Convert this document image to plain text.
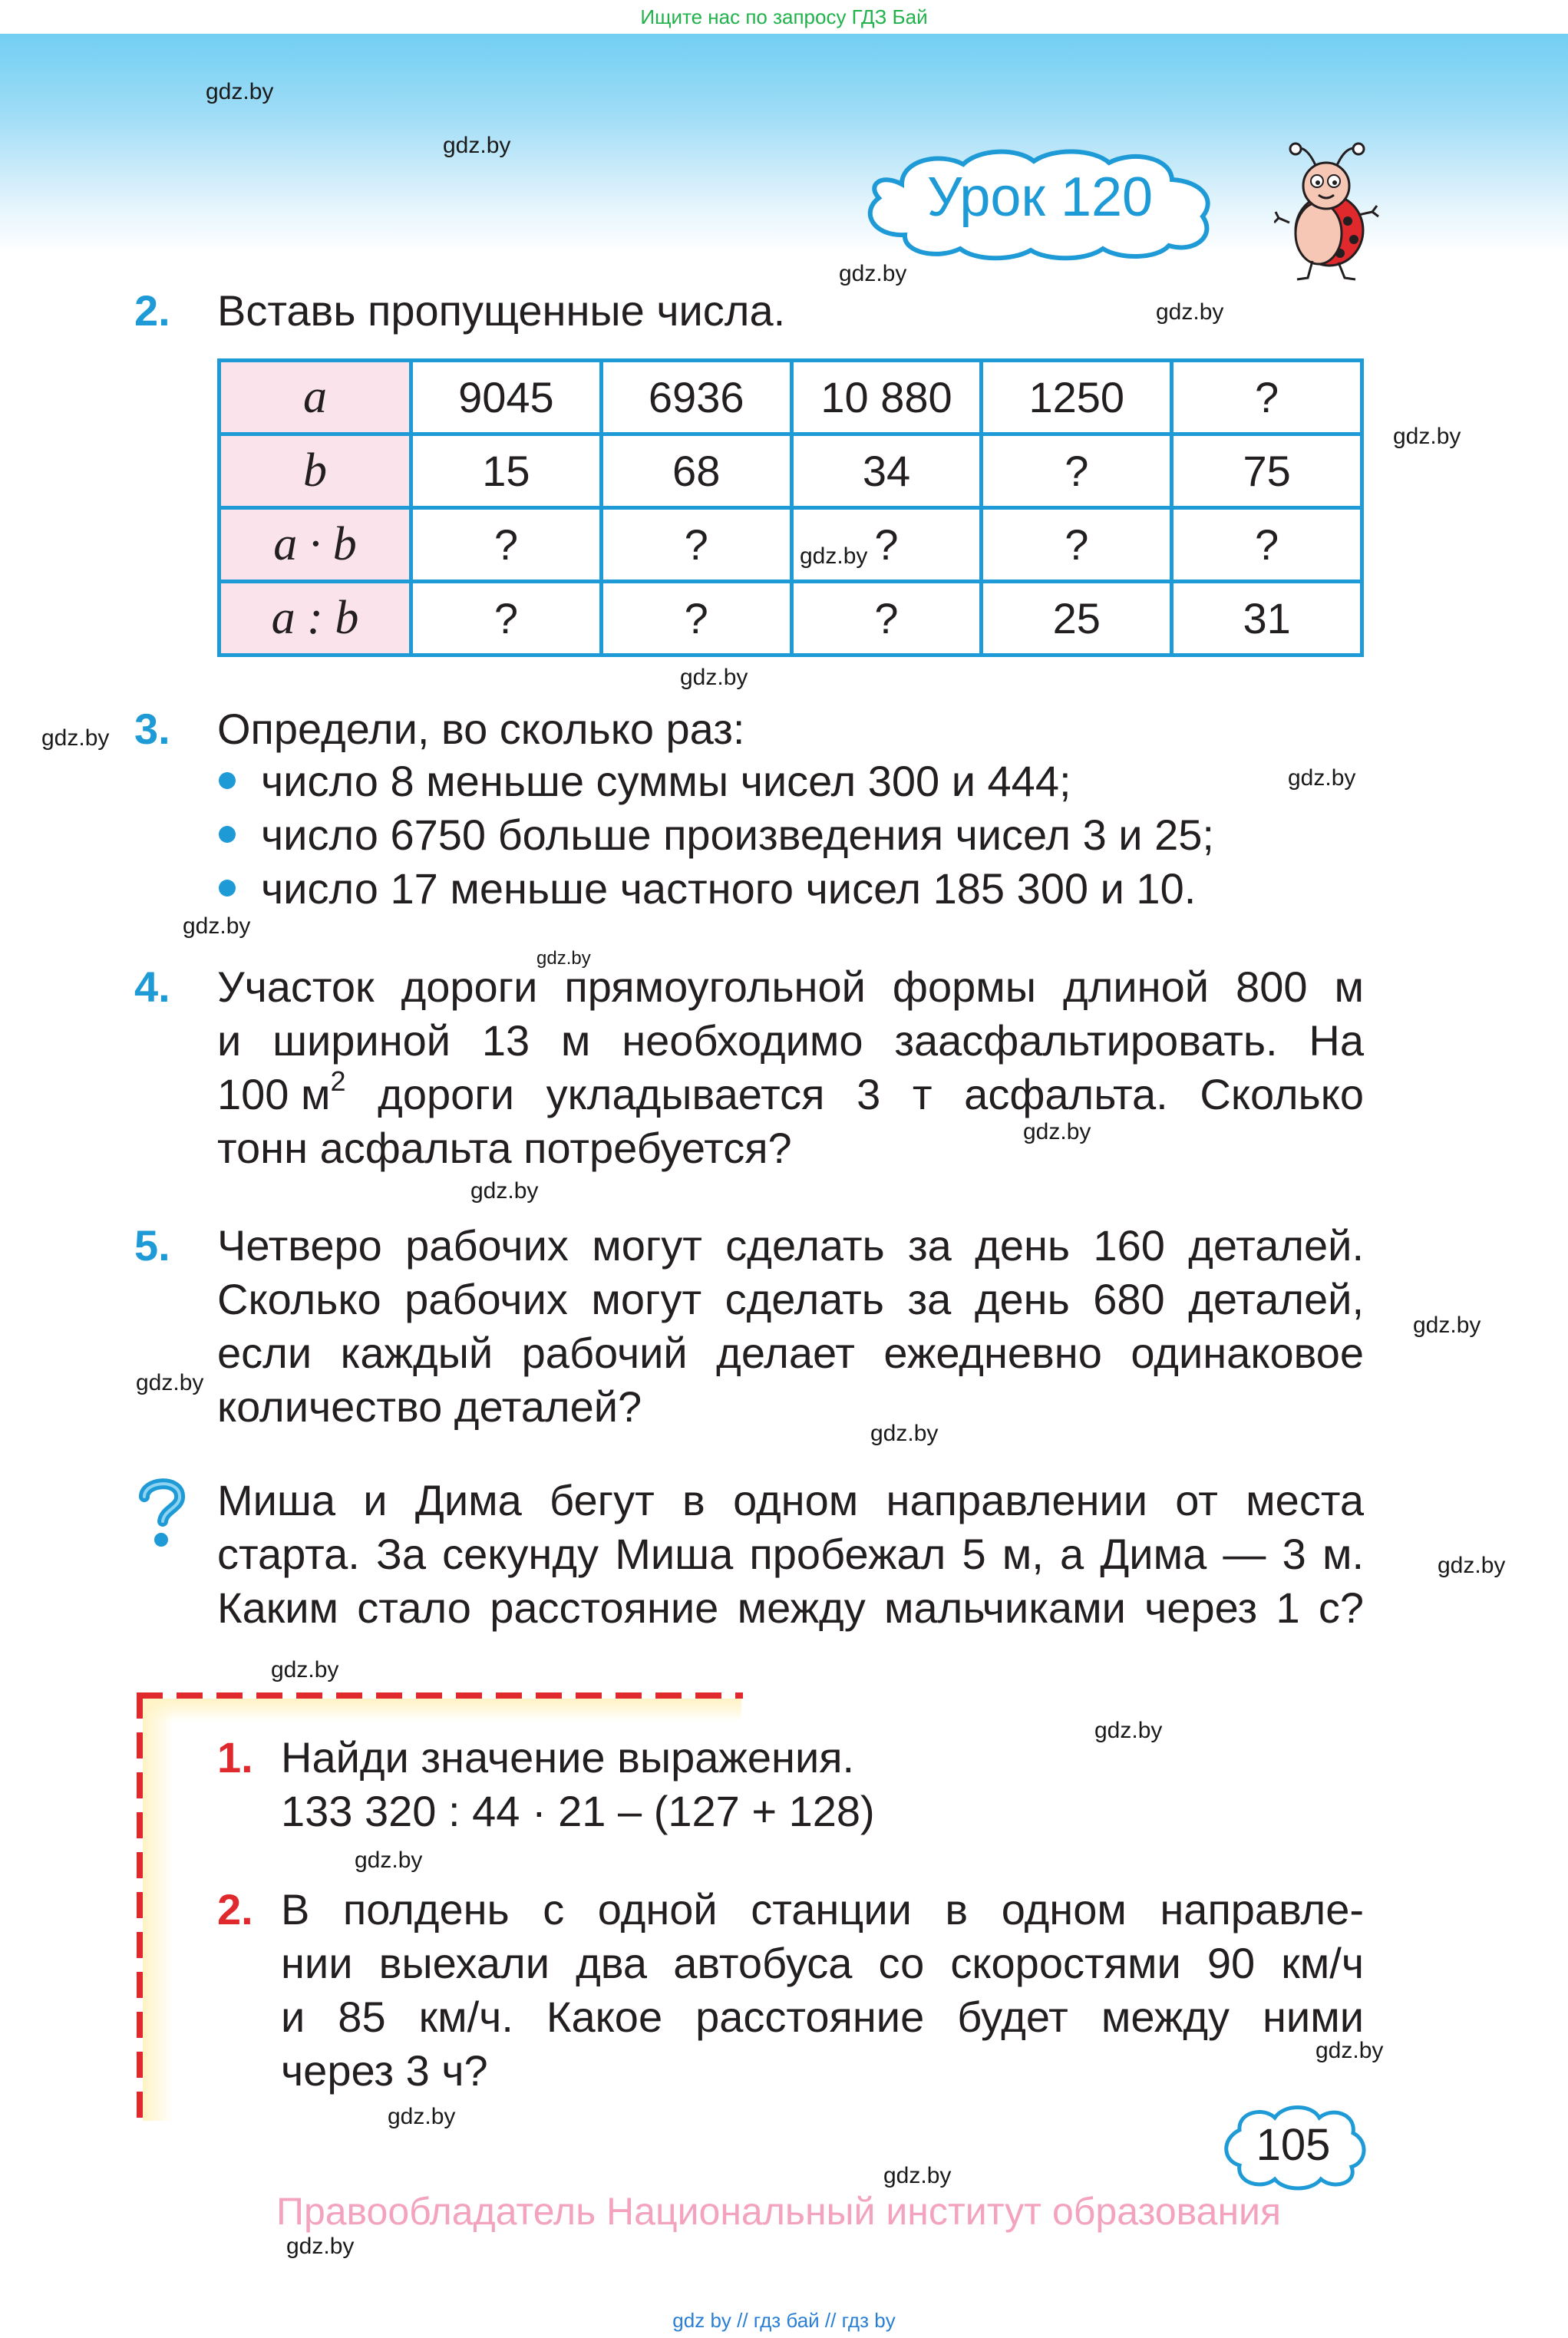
Ищите нас по запросу ГДЗ Бай
gdz.by
gdz.by
gdz.by
gdz.by
gdz.by
gdz.by
gdz.by
gdz.by
gdz.by
gdz.by
gdz.by
gdz.by
gdz.by
gdz.by
gdz.by
gdz.by
gdz.by
gdz.by
gdz.by
gdz.by
gdz.by
gdz.by
gdz.by
gdz.by
Урок 120
2. Вставь пропущенные числа.
a	9045	6936	10 880	1250	?
b	15	68	34	?	75
a · b	?	?	?	?	?
a : b	?	?	?	25	31
3. Определи, во сколько раз:
число 8 меньше суммы чисел 300 и 444;
число 6750 больше произведения чисел 3 и 25;
число 17 меньше частного чисел 185 300 и 10.
4. Участок дороги прямоугольной формы длиной 800 м
и шириной 13 м необходимо заасфальтировать. На
100 м 2 дороги укладывается 3 т асфальта. Сколько
тонн асфальта потребуется?
5. Четверо рабочих могут сделать за день 160 деталей.
Сколько рабочих могут сделать за день 680 деталей,
если каждый рабочий делает ежедневно одинаковое
количество деталей?
Миша и Дима бегут в одном направлении от места
старта. За секунду Миша пробежал 5 м, а Дима — 3 м.
Каким стало расстояние между мальчиками через 1 с?
1. Найди значение выражения.
133 320 : 44 · 21 – (127 + 128)
2. В полдень с одной станции в одном направле-
нии выехали два автобуса со скоростями 90 км/ч
и 85 км/ч. Какое расстояние будет между ними
через 3 ч?
105
Правообладатель Национальный институт образования
gdz by // гдз бай // гдз by
